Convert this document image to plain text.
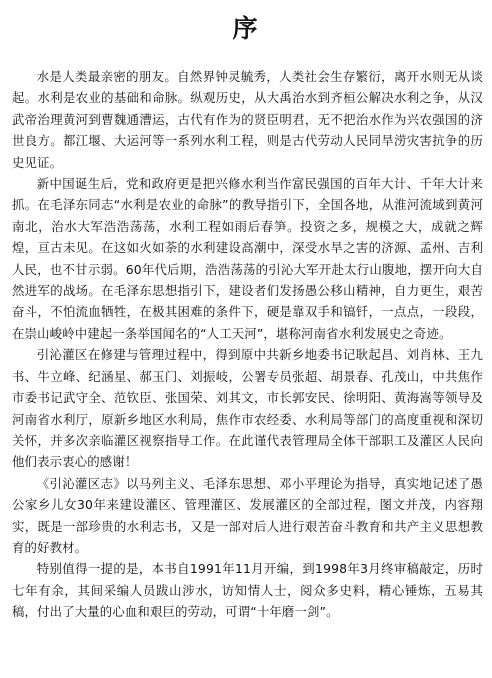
序

水是人类最亲密的朋友。自然界钟灵毓秀，人类社会生存繁衍，离开水则无从谈起。水利是农业的基础和命脉。纵观历史，从大禹治水到齐桓公解决水利之争，从汉武帝治理黄河到曹魏通漕运，古代有作为的贤臣明君，无不把治水作为兴农强国的济世良方。都江堰、大运河等一系列水利工程，则是古代劳动人民同旱涝灾害抗争的历史见证。

新中国诞生后，党和政府更是把兴修水利当作富民强国的百年大计、千年大计来抓。在毛泽东同志“水利是农业的命脉”的教导指引下，全国各地，从淮河流域到黄河南北，治水大军浩浩荡荡，水利工程如雨后春笋。投资之多，规模之大，成就之辉煌，亘古未见。在这如火如荼的水利建设高潮中，深受水旱之害的济源、孟州、吉利人民，也不甘示弱。60年代后期，浩浩荡荡的引沁大军开赴太行山腹地，摆开向大自然进军的战场。在毛泽东思想指引下，建设者们发扬愚公移山精神，自力更生，艰苦奋斗，不怕流血牺牲，在极其困难的条件下，硬是靠双手和镐钎，一点点，一段段，在崇山峻岭中建起一条举国闻名的“人工天河”，堪称河南省水利发展史之奇迹。

引沁灌区在修建与管理过程中，得到原中共新乡地委书记耿起昌、刘肖林、王九书、牛立峰、纪涵星、郝玉门、刘振岐，公署专员张超、胡景春、孔茂山，中共焦作市委书记武守全、范钦臣、张国荣、刘其文，市长郭安民、徐明阳、黄海嵩等领导及河南省水利厅，原新乡地区水利局，焦作市农经委、水利局等部门的高度重视和深切关怀，并多次亲临灌区视察指导工作。在此谨代表管理局全体干部职工及灌区人民向他们表示衷心的感谢！

《引沁灌区志》以马列主义、毛泽东思想、邓小平理论为指导，真实地记述了愚公家乡儿女30年来建设灌区、管理灌区、发展灌区的全部过程，图文并茂，内容翔实，既是一部珍贵的水利志书，又是一部对后人进行艰苦奋斗教育和共产主义思想教育的好教材。

特别值得一提的是，本书自1991年11月开编，到1998年3月终审稿敲定，历时七年有余，其间采编人员跋山涉水，访知情人士，阅众多史料，精心锤炼，五易其稿，付出了大量的心血和艰巨的劳动，可谓“十年磨一剑”。
